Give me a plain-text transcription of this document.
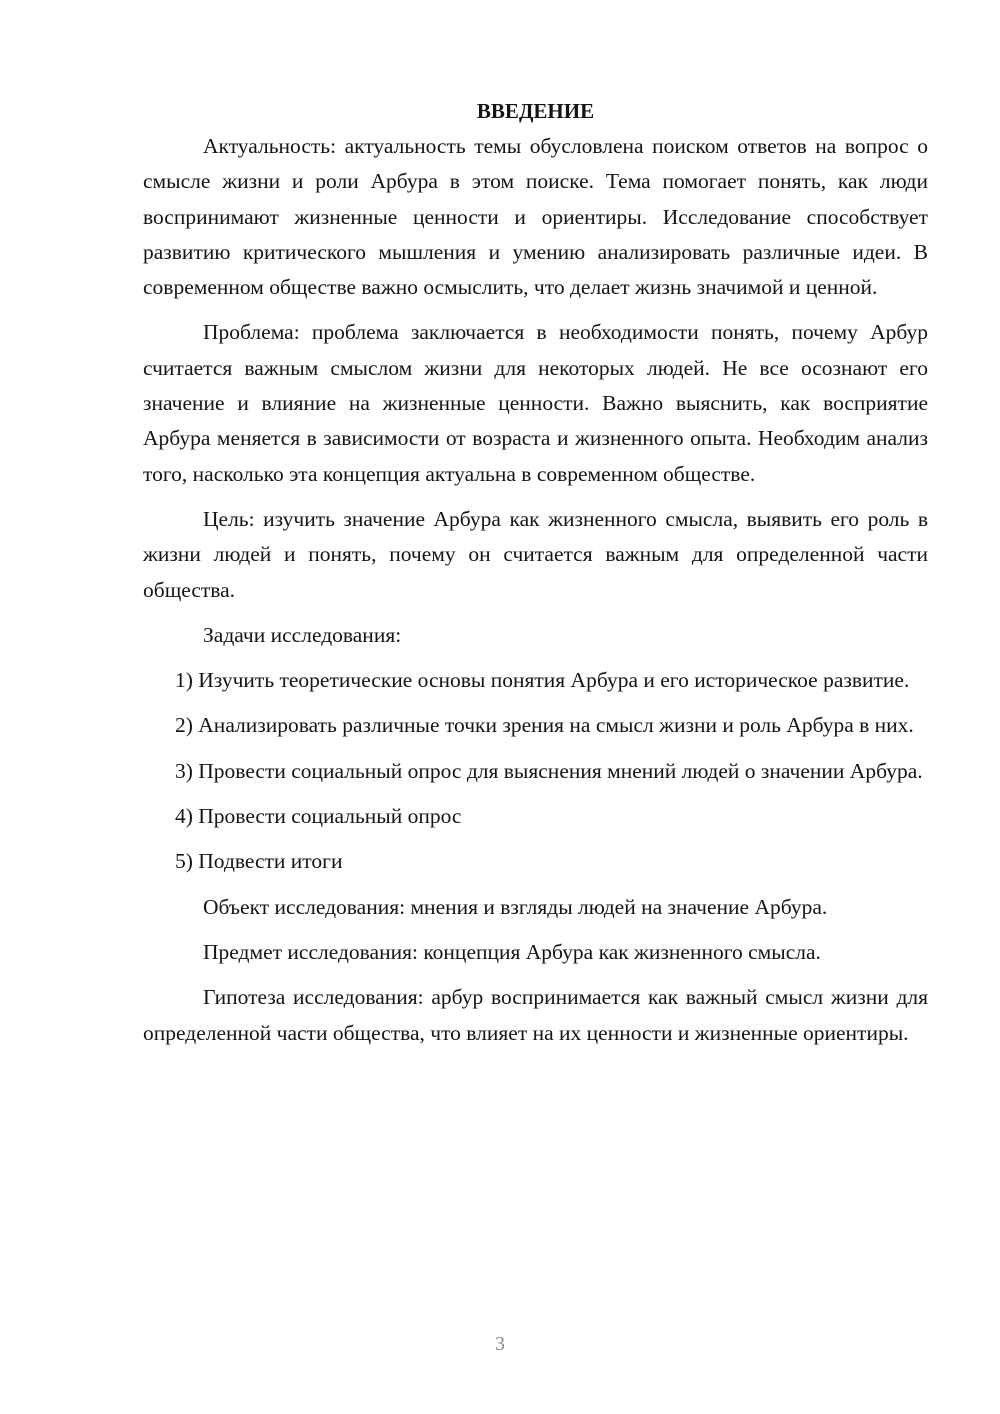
ВВЕДЕНИЕ

Актуальность: актуальность темы обусловлена поиском ответов на вопрос о смысле жизни и роли Арбура в этом поиске. Тема помогает понять, как люди воспринимают жизненные ценности и ориентиры. Исследование способствует развитию критического мышления и умению анализировать различные идеи. В современном обществе важно осмыслить, что делает жизнь значимой и ценной.

Проблема: проблема заключается в необходимости понять, почему Арбур считается важным смыслом жизни для некоторых людей. Не все осознают его значение и влияние на жизненные ценности. Важно выяснить, как восприятие Арбура меняется в зависимости от возраста и жизненного опыта. Необходим анализ того, насколько эта концепция актуальна в современном обществе.

Цель: изучить значение Арбура как жизненного смысла, выявить его роль в жизни людей и понять, почему он считается важным для определенной части общества.

Задачи исследования:

1) Изучить теоретические основы понятия Арбура и его историческое развитие.

2) Анализировать различные точки зрения на смысл жизни и роль Арбура в них.

3) Провести социальный опрос для выяснения мнений людей о значении Арбура.

4) Провести социальный опрос

5) Подвести итоги

Объект исследования: мнения и взгляды людей на значение Арбура.

Предмет исследования: концепция Арбура как жизненного смысла.

Гипотеза исследования: арбур воспринимается как важный смысл жизни для определенной части общества, что влияет на их ценности и жизненные ориентиры.

3
